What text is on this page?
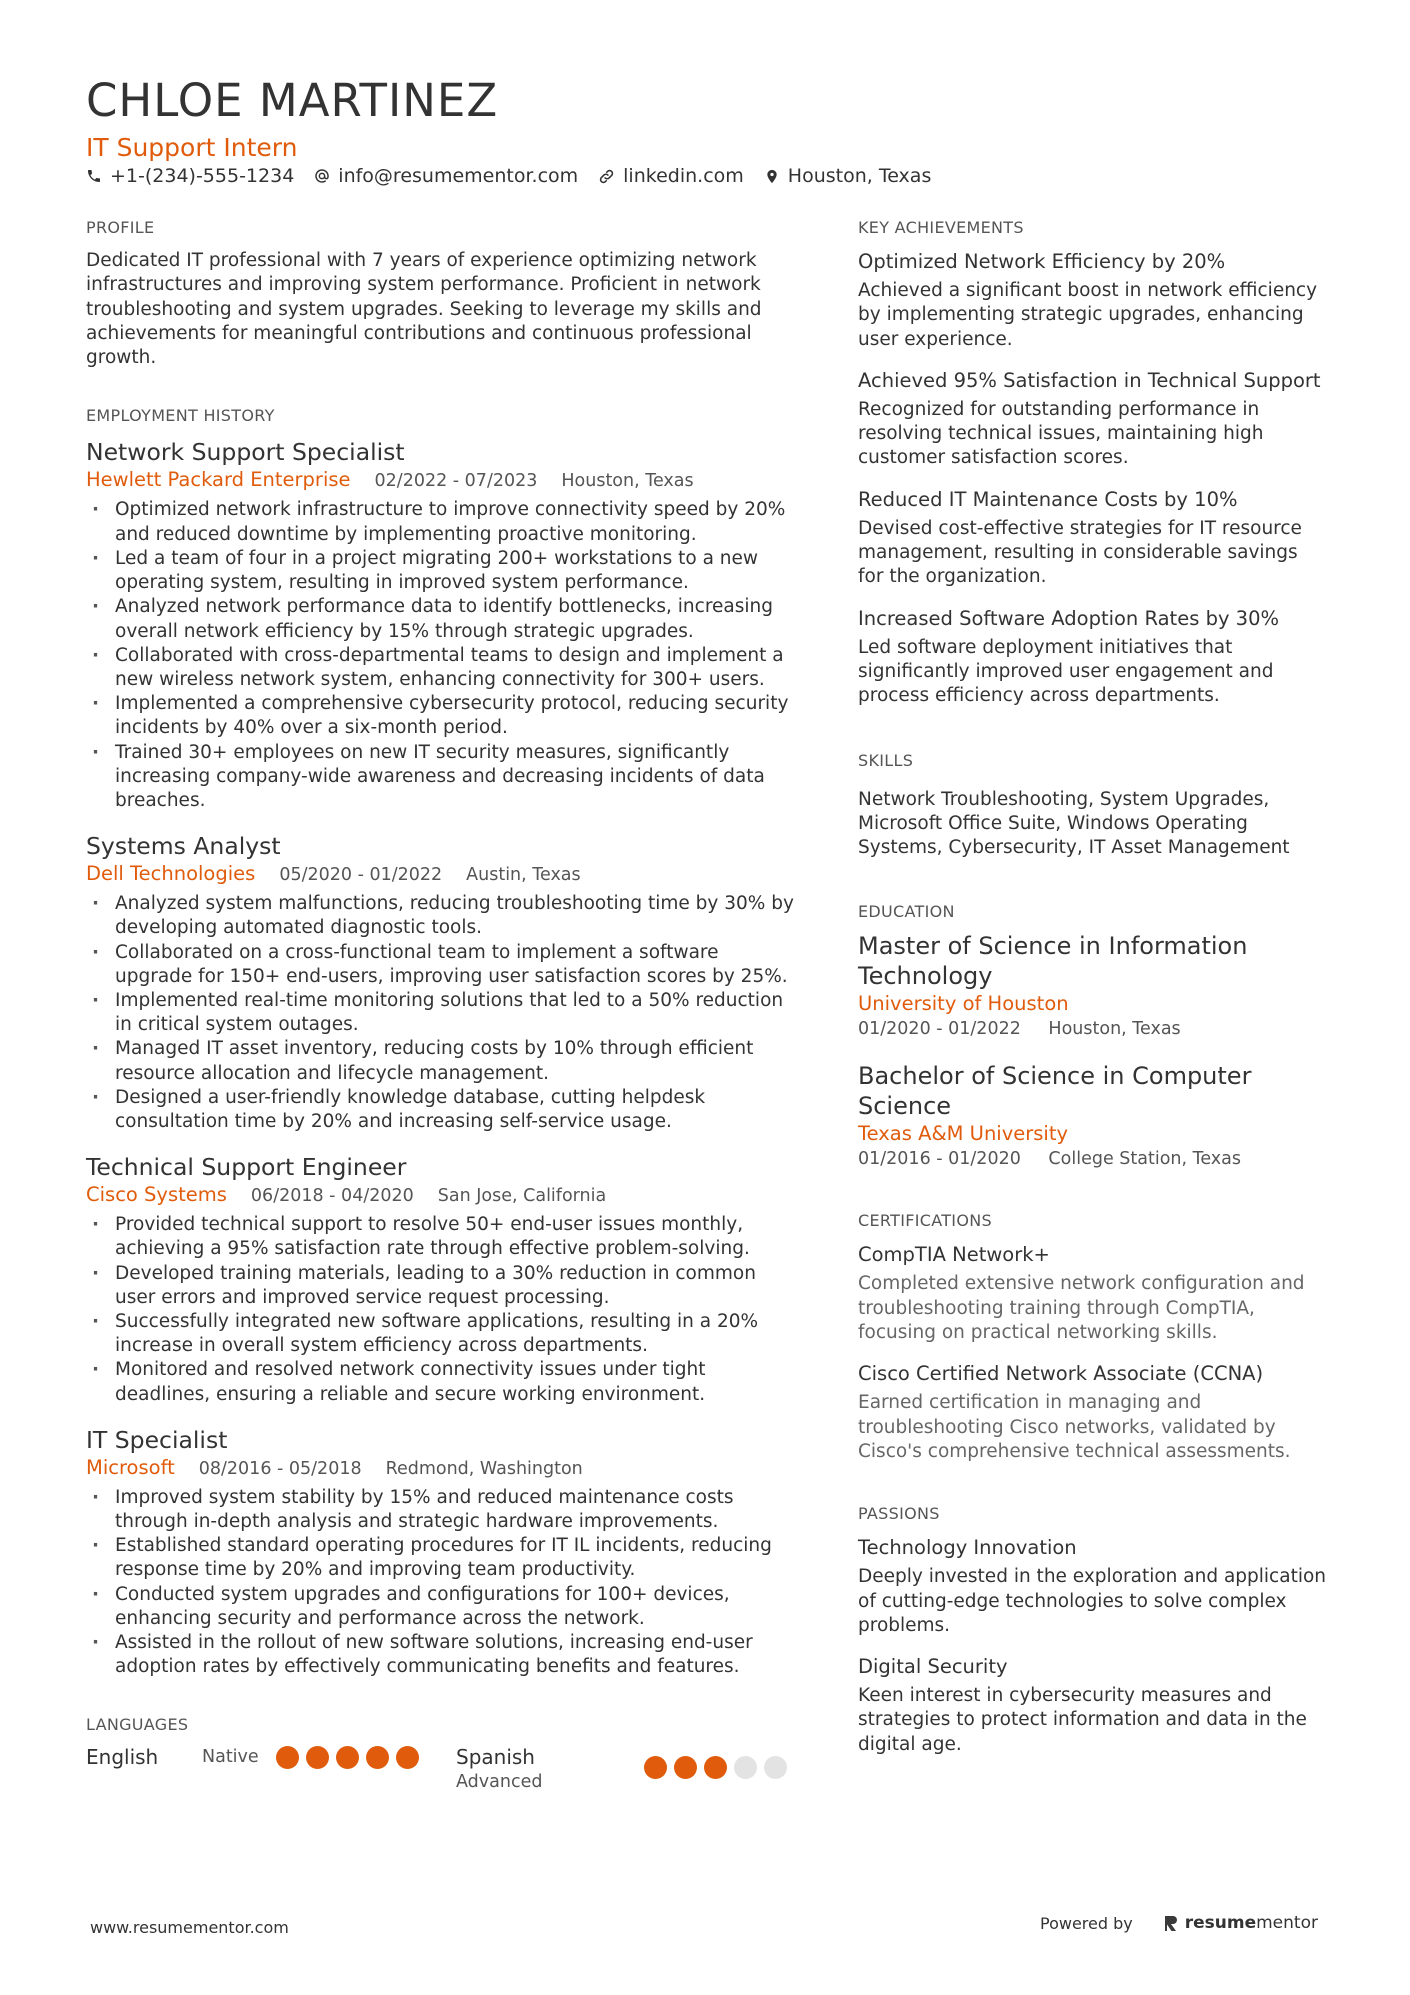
CHLOE MARTINEZ
IT Support Intern
+1-(234)-555-1234 info@resumementor.com linkedin.com Houston, Texas
PROFILE
Dedicated IT professional with 7 years of experience optimizing network infrastructures and improving system performance. Proficient in network troubleshooting and system upgrades. Seeking to leverage my skills and achievements for meaningful contributions and continuous professional growth.
EMPLOYMENT HISTORY
Network Support Specialist
Hewlett Packard Enterprise 02/2022 - 07/2023 Houston, Texas
· Optimized network infrastructure to improve connectivity speed by 20% and reduced downtime by implementing proactive monitoring.
· Led a team of four in a project migrating 200+ workstations to a new operating system, resulting in improved system performance.
· Analyzed network performance data to identify bottlenecks, increasing overall network efficiency by 15% through strategic upgrades.
· Collaborated with cross-departmental teams to design and implement a new wireless network system, enhancing connectivity for 300+ users.
· Implemented a comprehensive cybersecurity protocol, reducing security incidents by 40% over a six-month period.
· Trained 30+ employees on new IT security measures, significantly increasing company-wide awareness and decreasing incidents of data breaches.
Systems Analyst
Dell Technologies 05/2020 - 01/2022 Austin, Texas
· Analyzed system malfunctions, reducing troubleshooting time by 30% by developing automated diagnostic tools.
· Collaborated on a cross-functional team to implement a software upgrade for 150+ end-users, improving user satisfaction scores by 25%.
· Implemented real-time monitoring solutions that led to a 50% reduction in critical system outages.
· Managed IT asset inventory, reducing costs by 10% through efficient resource allocation and lifecycle management.
· Designed a user-friendly knowledge database, cutting helpdesk consultation time by 20% and increasing self-service usage.
Technical Support Engineer
Cisco Systems 06/2018 - 04/2020 San Jose, California
· Provided technical support to resolve 50+ end-user issues monthly, achieving a 95% satisfaction rate through effective problem-solving.
· Developed training materials, leading to a 30% reduction in common user errors and improved service request processing.
· Successfully integrated new software applications, resulting in a 20% increase in overall system efficiency across departments.
· Monitored and resolved network connectivity issues under tight deadlines, ensuring a reliable and secure working environment.
IT Specialist
Microsoft 08/2016 - 05/2018 Redmond, Washington
· Improved system stability by 15% and reduced maintenance costs through in-depth analysis and strategic hardware improvements.
· Established standard operating procedures for IT IL incidents, reducing response time by 20% and improving team productivity.
· Conducted system upgrades and configurations for 100+ devices, enhancing security and performance across the network.
· Assisted in the rollout of new software solutions, increasing end-user adoption rates by effectively communicating benefits and features.
LANGUAGES
English	Native	Spanish
Advanced
KEY ACHIEVEMENTS
Optimized Network Efficiency by 20%
Achieved a significant boost in network efficiency by implementing strategic upgrades, enhancing user experience.
Achieved 95% Satisfaction in Technical Support
Recognized for outstanding performance in resolving technical issues, maintaining high customer satisfaction scores.
Reduced IT Maintenance Costs by 10%
Devised cost-effective strategies for IT resource management, resulting in considerable savings for the organization.
Increased Software Adoption Rates by 30%
Led software deployment initiatives that significantly improved user engagement and process efficiency across departments.
SKILLS
Network Troubleshooting, System Upgrades, Microsoft Office Suite, Windows Operating Systems, Cybersecurity, IT Asset Management
EDUCATION
Master of Science in Information Technology
University of Houston
01/2020 - 01/2022 Houston, Texas
Bachelor of Science in Computer Science
Texas A&M University
01/2016 - 01/2020 College Station, Texas
CERTIFICATIONS
CompTIA Network+
Completed extensive network configuration and troubleshooting training through CompTIA, focusing on practical networking skills.
Cisco Certified Network Associate (CCNA)
Earned certification in managing and troubleshooting Cisco networks, validated by Cisco's comprehensive technical assessments.
PASSIONS
Technology Innovation
Deeply invested in the exploration and application of cutting-edge technologies to solve complex problems.
Digital Security
Keen interest in cybersecurity measures and strategies to protect information and data in the digital age.
www.resumementor.com	Powered by	resume mentor
